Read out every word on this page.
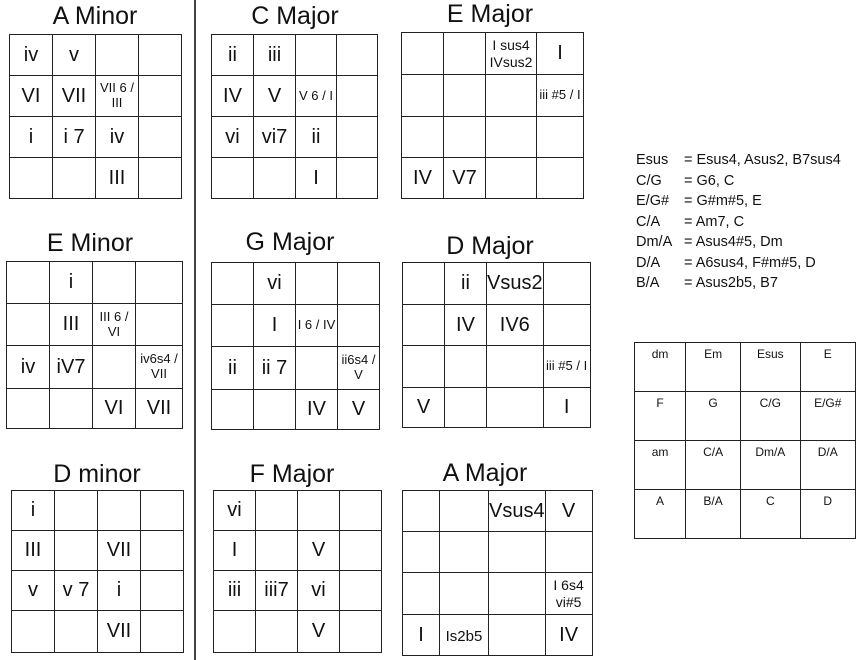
A Minor
iv	v		
VI	VII	VII 6 / III	

i	i 7	iv	
		III	
C Major
ii	iii		
IV	V	V 6 / I	

vi	vi7	ii	
		I	
E Major

		I sus4 IVsus2	I

			iii #5 / I

IV	V7		
E Minor
	i		
	III	III 6 / VI	

iv	iV7		iv6s4 / VII

		VI	VII
G Major
	vi		
	I	I 6 / IV	

ii	ii 7		ii6s4 / V

		IV	V
D Major
	ii	Vsus2	
	IV	IV6	

			iii #5 / I

V			I
D minor
i			
III		VII	
v	v 7	i	
		VII	
F Major
vi			
I		V	
iii	iii7	vi	
		V	
A Major
		Vsus4	V

			I 6s4 vi#5

I	Is2b5		IV
Esus	= Esus4, Asus2, B7sus4
C/G	= G6, C
E/G#	= G#m#5, E
C/A	= Am7, C
Dm/A = Asus4#5, Dm
D/A	= A6sus4, F#m#5, D
B/A	= Asus2b5, B7
dm	Em	Esus	E
F	G	C/G	E/G#
am	C/A	Dm/A	D/A
A	B/A	C	D
